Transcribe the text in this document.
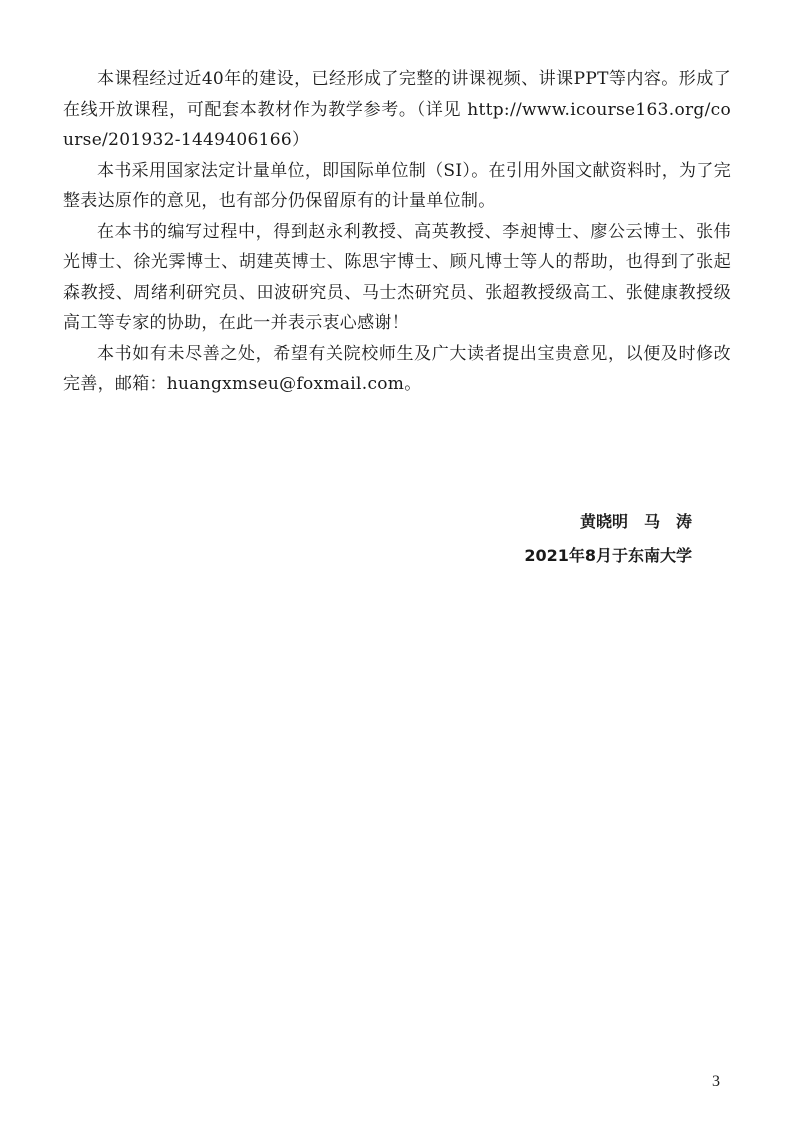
本课程经过近40年的建设，已经形成了完整的讲课视频、讲课PPT等内容。形成了在线开放课程，可配套本教材作为教学参考。（详见 http://www.icourse163.org/course/201932-1449406166）

本书采用国家法定计量单位，即国际单位制（SI）。在引用外国文献资料时，为了完整表达原作的意见，也有部分仍保留原有的计量单位制。

在本书的编写过程中，得到赵永利教授、高英教授、李昶博士、廖公云博士、张伟光博士、徐光霁博士、胡建英博士、陈思宇博士、顾凡博士等人的帮助，也得到了张起森教授、周绪利研究员、田波研究员、马士杰研究员、张超教授级高工、张健康教授级高工等专家的协助，在此一并表示衷心感谢！

本书如有未尽善之处，希望有关院校师生及广大读者提出宝贵意见，以便及时修改完善，邮箱：huangxmseu@foxmail.com。

黄晓明　马　涛
2021年8月于东南大学
3
